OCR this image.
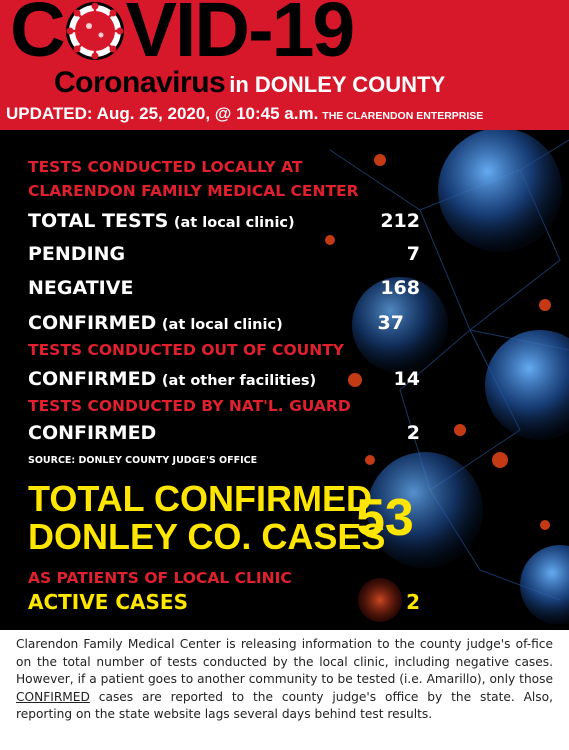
C VID-19
Coronavirus in DONLEY COUNTY
UPDATED: Aug. 25, 2020, @ 10:45 a.m. THE CLARENDON ENTERPRISE
TESTS CONDUCTED LOCALLY AT
CLARENDON FAMILY MEDICAL CENTER
TOTAL TESTS (at local clinic)	212
PENDING	7
NEGATIVE	168
CONFIRMED (at local clinic)	37
TESTS CONDUCTED OUT OF COUNTY
CONFIRMED (at other facilities)	14
TESTS CONDUCTED BY NAT'L. GUARD
CONFIRMED	2
SOURCE: DONLEY COUNTY JUDGE'S OFFICE
TOTAL CONFIRMED
DONLEY CO. CASES
53
AS PATIENTS OF LOCAL CLINIC
ACTIVE CASES	2
Clarendon Family Medical Center is releasing information to the county judge's of-fice on the total number of tests conducted by the local clinic, including negative cases. However, if a patient goes to another community to be tested (i.e. Amarillo), only those CONFIRMED cases are reported to the county judge's office by the state. Also, reporting on the state website lags several days behind test results.
